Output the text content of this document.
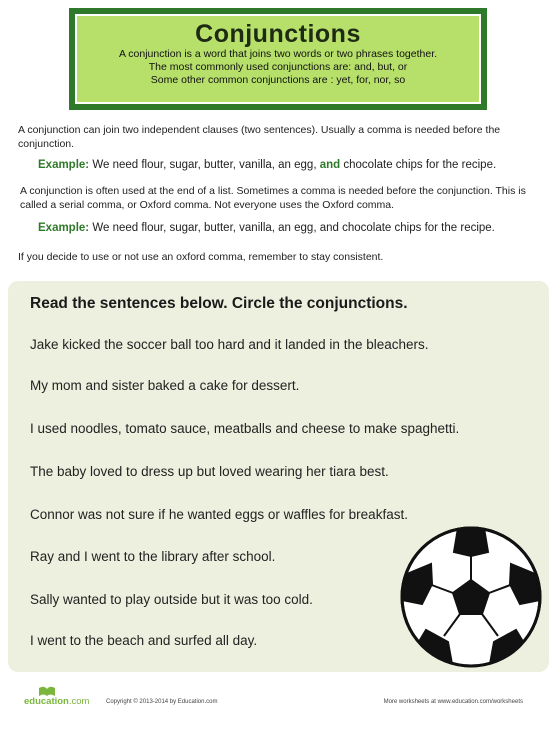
Conjunctions
A conjunction is a word that joins two words or two phrases together.
The most commonly used conjunctions are: and, but, or
Some other common conjunctions are : yet, for, nor, so
A conjunction can join two independent clauses (two sentences). Usually a comma is needed before the conjunction.
Example: We need flour, sugar, butter, vanilla, an egg, and chocolate chips for the recipe.
A conjunction is often used at the end of a list. Sometimes a comma is needed before the conjunction. This is called a serial comma, or Oxford comma. Not everyone uses the Oxford comma.
Example: We need flour, sugar, butter, vanilla, an egg, and chocolate chips for the recipe.
If you decide to use or not use an oxford comma, remember to stay consistent.
Read the sentences below. Circle the conjunctions.
Jake kicked the soccer ball too hard and it landed in the bleachers.
My mom and sister baked a cake for dessert.
I used noodles, tomato sauce, meatballs and cheese to make spaghetti.
The baby loved to dress up but loved wearing her tiara best.
Connor was not sure if he wanted eggs or waffles for breakfast.
Ray and I went to the library after school.
Sally wanted to play outside but it was too cold.
I went to the beach and surfed all day.
education.com	Copyright © 2013-2014 by Education.com	More worksheets at www.education.com/worksheets
